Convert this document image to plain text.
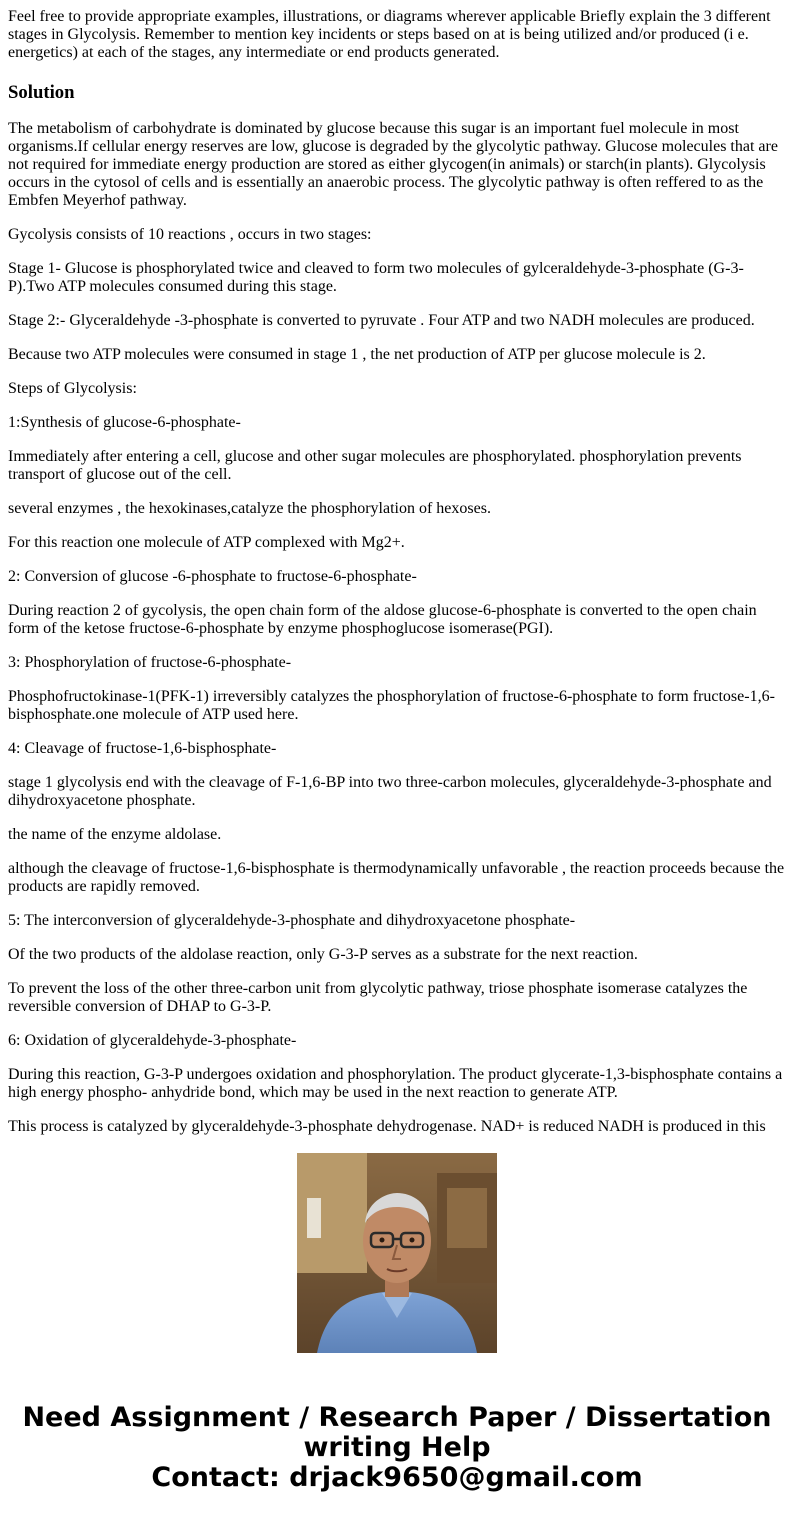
Feel free to provide appropriate examples, illustrations, or diagrams wherever applicable Briefly explain the 3 different stages in Glycolysis. Remember to mention key incidents or steps based on at is being utilized and/or produced (i e. energetics) at each of the stages, any intermediate or end products generated.

Solution

The metabolism of carbohydrate is dominated by glucose because this sugar is an important fuel molecule in most organisms.If cellular energy reserves are low, glucose is degraded by the glycolytic pathway. Glucose molecules that are not required for immediate energy production are stored as either glycogen(in animals) or starch(in plants). Glycolysis occurs in the cytosol of cells and is essentially an anaerobic process. The glycolytic pathway is often reffered to as the Embfen Meyerhof pathway.

Gycolysis consists of 10 reactions , occurs in two stages:

Stage 1- Glucose is phosphorylated twice and cleaved to form two molecules of gylceraldehyde-3-phosphate (G-3-P).Two ATP molecules consumed during this stage.

Stage 2:- Glyceraldehyde -3-phosphate is converted to pyruvate . Four ATP and two NADH molecules are produced.

Because two ATP molecules were consumed in stage 1 , the net production of ATP per glucose molecule is 2.

Steps of Glycolysis:

1:Synthesis of glucose-6-phosphate-

Immediately after entering a cell, glucose and other sugar molecules are phosphorylated. phosphorylation prevents transport of glucose out of the cell.

several enzymes , the hexokinases,catalyze the phosphorylation of hexoses.

For this reaction one molecule of ATP complexed with Mg2+.

2: Conversion of glucose -6-phosphate to fructose-6-phosphate-

During reaction 2 of gycolysis, the open chain form of the aldose glucose-6-phosphate is converted to the open chain form of the ketose fructose-6-phosphate by enzyme phosphoglucose isomerase(PGI).

3: Phosphorylation of fructose-6-phosphate-

Phosphofructokinase-1(PFK-1) irreversibly catalyzes the phosphorylation of fructose-6-phosphate to form fructose-1,6-bisphosphate.one molecule of ATP used here.

4: Cleavage of fructose-1,6-bisphosphate-

stage 1 glycolysis end with the cleavage of F-1,6-BP into two three-carbon molecules, glyceraldehyde-3-phosphate and dihydroxyacetone phosphate.

the name of the enzyme aldolase.

although the cleavage of fructose-1,6-bisphosphate is thermodynamically unfavorable , the reaction proceeds because the products are rapidly removed.

5: The interconversion of glyceraldehyde-3-phosphate and dihydroxyacetone phosphate-

Of the two products of the aldolase reaction, only G-3-P serves as a substrate for the next reaction.

To prevent the loss of the other three-carbon unit from glycolytic pathway, triose phosphate isomerase catalyzes the reversible conversion of DHAP to G-3-P.

6: Oxidation of glyceraldehyde-3-phosphate-

During this reaction, G-3-P undergoes oxidation and phosphorylation. The product glycerate-1,3-bisphosphate contains a high energy phospho- anhydride bond, which may be used in the next reaction to generate ATP.

This process is catalyzed by glyceraldehyde-3-phosphate dehydrogenase. NAD+ is reduced NADH is produced in this

Need Assignment / Research Paper / Dissertation
writing Help
Contact: drjack9650@gmail.com
